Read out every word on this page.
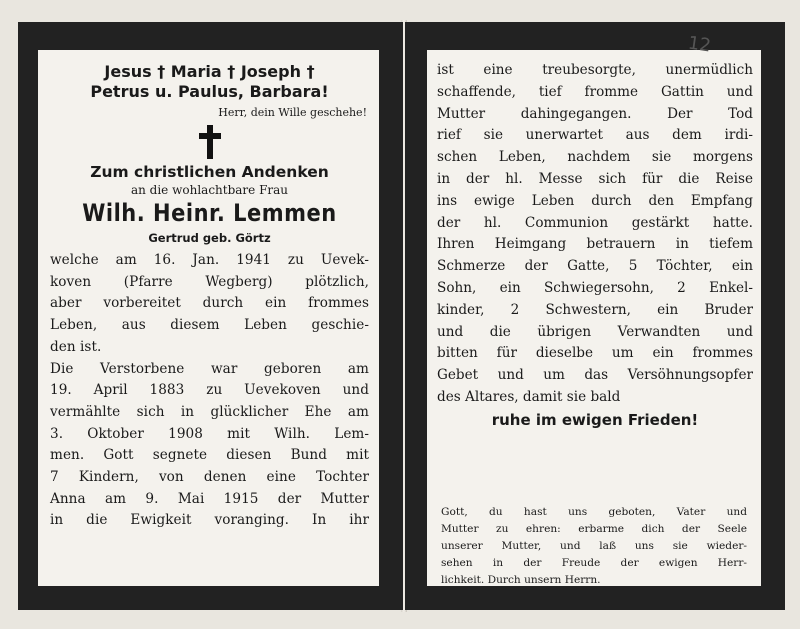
Jesus † Maria † Joseph †

Petrus u. Paulus, Barbara!

Herr, dein Wille geschehe!

Zum christlichen Andenken

an die wohlachtbare Frau

Wilh. Heinr. Lemmen

Gertrud geb. Görtz

welche am 16. Jan. 1941 zu Uevek-
koven (Pfarre Wegberg) plötzlich,
aber vorbereitet durch ein frommes
Leben, aus diesem Leben geschie-
den ist.
Die Verstorbene war geboren am
19. April 1883 zu Uevekoven und
vermählte sich in glücklicher Ehe am
3. Oktober 1908 mit Wilh. Lem-
men. Gott segnete diesen Bund mit
7 Kindern, von denen eine Tochter
Anna am 9. Mai 1915 der Mutter
in die Ewigkeit voranging. In ihr

ist eine treubesorgte, unermüdlich
schaffende, tief fromme Gattin und
Mutter dahingegangen. Der Tod
rief sie unerwartet aus dem irdi-
schen Leben, nachdem sie morgens
in der hl. Messe sich für die Reise
ins ewige Leben durch den Empfang
der hl. Communion gestärkt hatte.
Ihren Heimgang betrauern in tiefem
Schmerze der Gatte, 5 Töchter, ein
Sohn, ein Schwiegersohn, 2 Enkel-
kinder, 2 Schwestern, ein Bruder
und die übrigen Verwandten und
bitten für dieselbe um ein frommes
Gebet und um das Versöhnungsopfer
des Altares, damit sie bald

ruhe im ewigen Frieden!

Gott, du hast uns geboten, Vater und
Mutter zu ehren: erbarme dich der Seele
unserer Mutter, und laß uns sie wieder-
sehen in der Freude der ewigen Herr-
lichkeit. Durch unsern Herrn.

12
